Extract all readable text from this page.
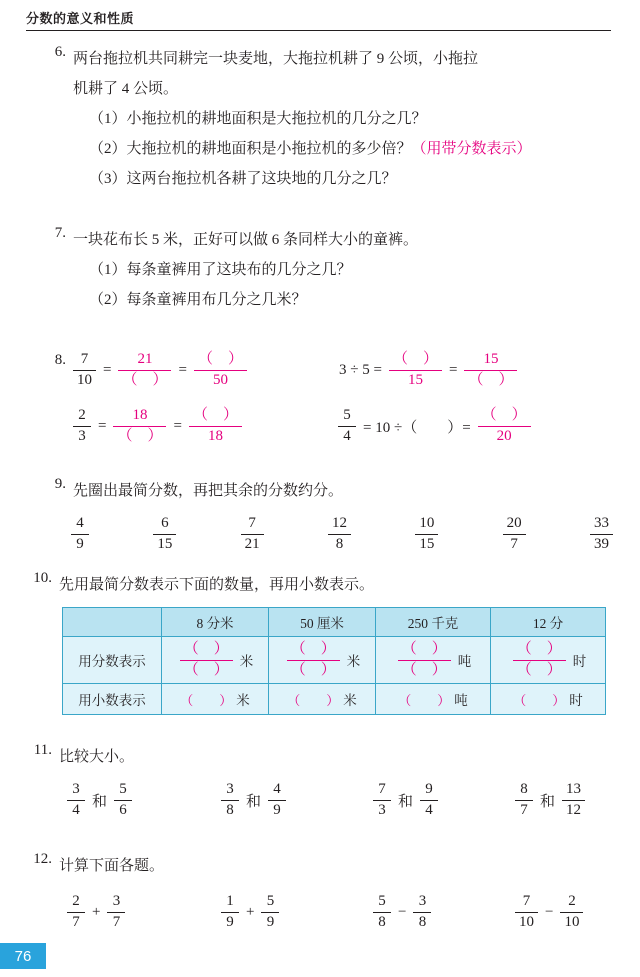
分数的意义和性质
6. 两台拖拉机共同耕完一块麦地，大拖拉机耕了 9 公顷，小拖拉
机耕了 4 公顷。
（1）小拖拉机的耕地面积是大拖拉机的几分之几？
（2）大拖拉机的耕地面积是小拖拉机的多少倍？（用带分数表示）
（3）这两台拖拉机各耕了这块地的几分之几？
7. 一块花布长 5 米，正好可以做 6 条同样大小的童裤。
（1）每条童裤用了这块布的几分之几？
（2）每条童裤用布几分之几米？
8. $\frac{7}{10} = \frac{21}{( )} = \frac{( )}{50}$	$3 \div 5 = \frac{( )}{15} = \frac{15}{( )}$
$\frac{2}{3} = \frac{18}{( )} = \frac{( )}{18}$	$\frac{5}{4} = 10$ ÷（　　）= $\frac{( )}{20}$
9. 先圈出最简分数，再把其余的分数约分。
$\frac{4}{9}$	$\frac{6}{15}$	$\frac{7}{21}$	$\frac{12}{8}$	$\frac{10}{15}$	$\frac{20}{7}$	$\frac{33}{39}$
10. 先用最简分数表示下面的数量，再用小数表示。
	8 分米	50 厘米	250 千克	12 分
用分数表示	$\frac{( )}{( )}$ 米	$\frac{( )}{( )}$ 米	$\frac{( )}{( )}$ 吨	$\frac{( )}{( )}$ 时

用小数表示	（　　） 米	（　　） 米	（　　） 吨	（　　） 时
11. 比较大小。
$\frac{3}{4}$ 和 $\frac{5}{6}$	$\frac{3}{8}$ 和 $\frac{4}{9}$	$\frac{7}{3}$ 和 $\frac{9}{4}$	$\frac{8}{7}$ 和 $\frac{13}{12}$
12. 计算下面各题。
$\frac{2}{7} + \frac{3}{7}$	$\frac{1}{9} + \frac{5}{9}$	$\frac{5}{8} - \frac{3}{8}$	$\frac{7}{10} - \frac{2}{10}$
76
